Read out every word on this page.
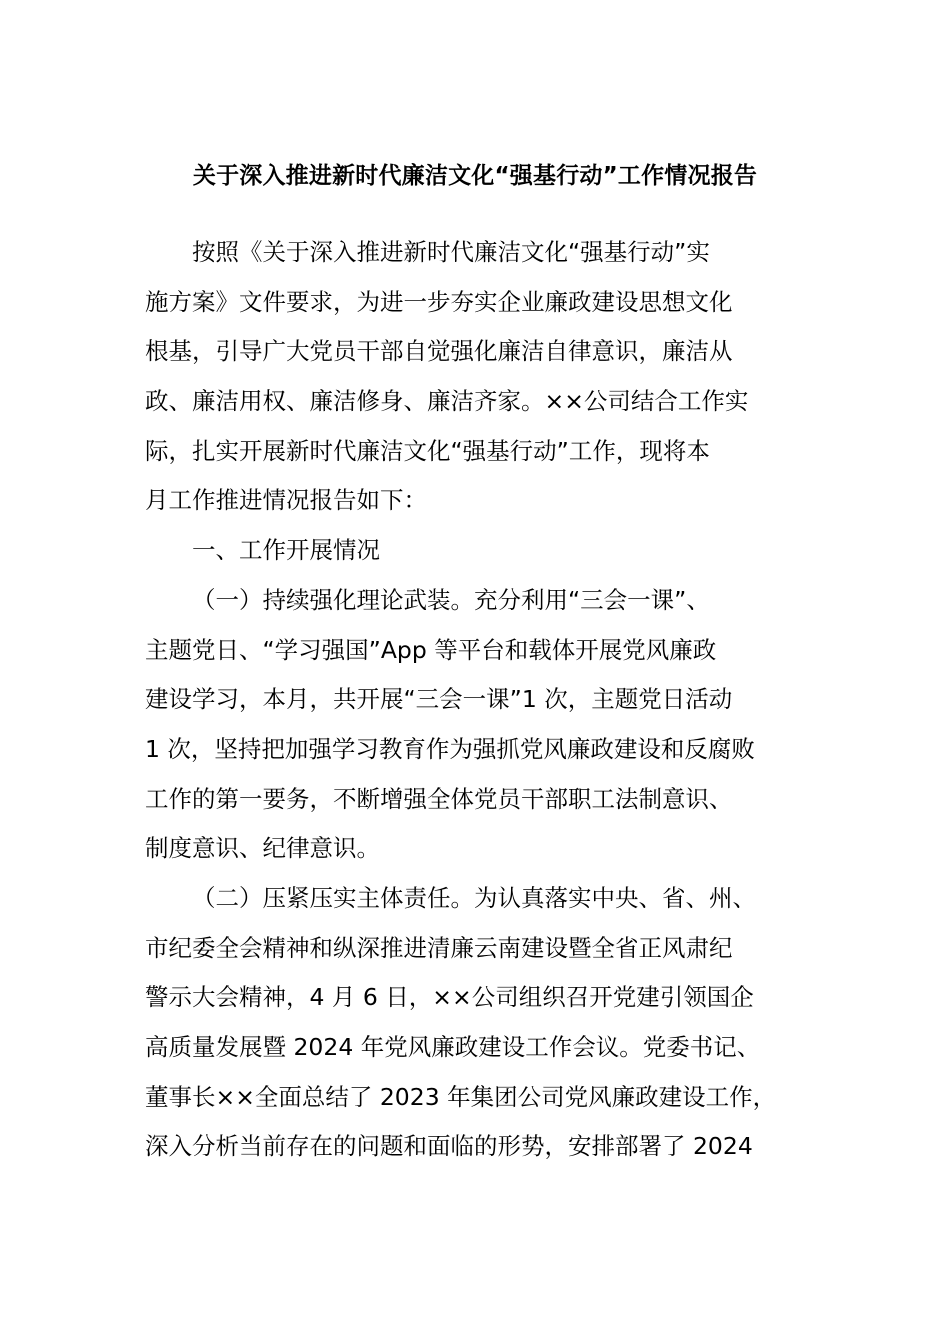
关于深入推进新时代廉洁文化“强基行动”工作情况报告
按照《关于深入推进新时代廉洁文化“强基行动”实
施方案》文件要求，为进一步夯实企业廉政建设思想文化
根基，引导广大党员干部自觉强化廉洁自律意识，廉洁从
政、廉洁用权、廉洁修身、廉洁齐家。××公司结合工作实
际，扎实开展新时代廉洁文化“强基行动”工作，现将本
月工作推进情况报告如下：
一、工作开展情况
（一）持续强化理论武装。充分利用“三会一课”、
主题党日、“学习强国”App 等平台和载体开展党风廉政
建设学习，本月，共开展“三会一课”1 次，主题党日活动
1 次，坚持把加强学习教育作为强抓党风廉政建设和反腐败
工作的第一要务，不断增强全体党员干部职工法制意识、
制度意识、纪律意识。
（二）压紧压实主体责任。为认真落实中央、省、州、
市纪委全会精神和纵深推进清廉云南建设暨全省正风肃纪
警示大会精神，4 月 6 日，××公司组织召开党建引领国企
高质量发展暨 2024 年党风廉政建设工作会议。党委书记、
董事长××全面总结了 2023 年集团公司党风廉政建设工作，
深入分析当前存在的问题和面临的形势，安排部署了 2024
